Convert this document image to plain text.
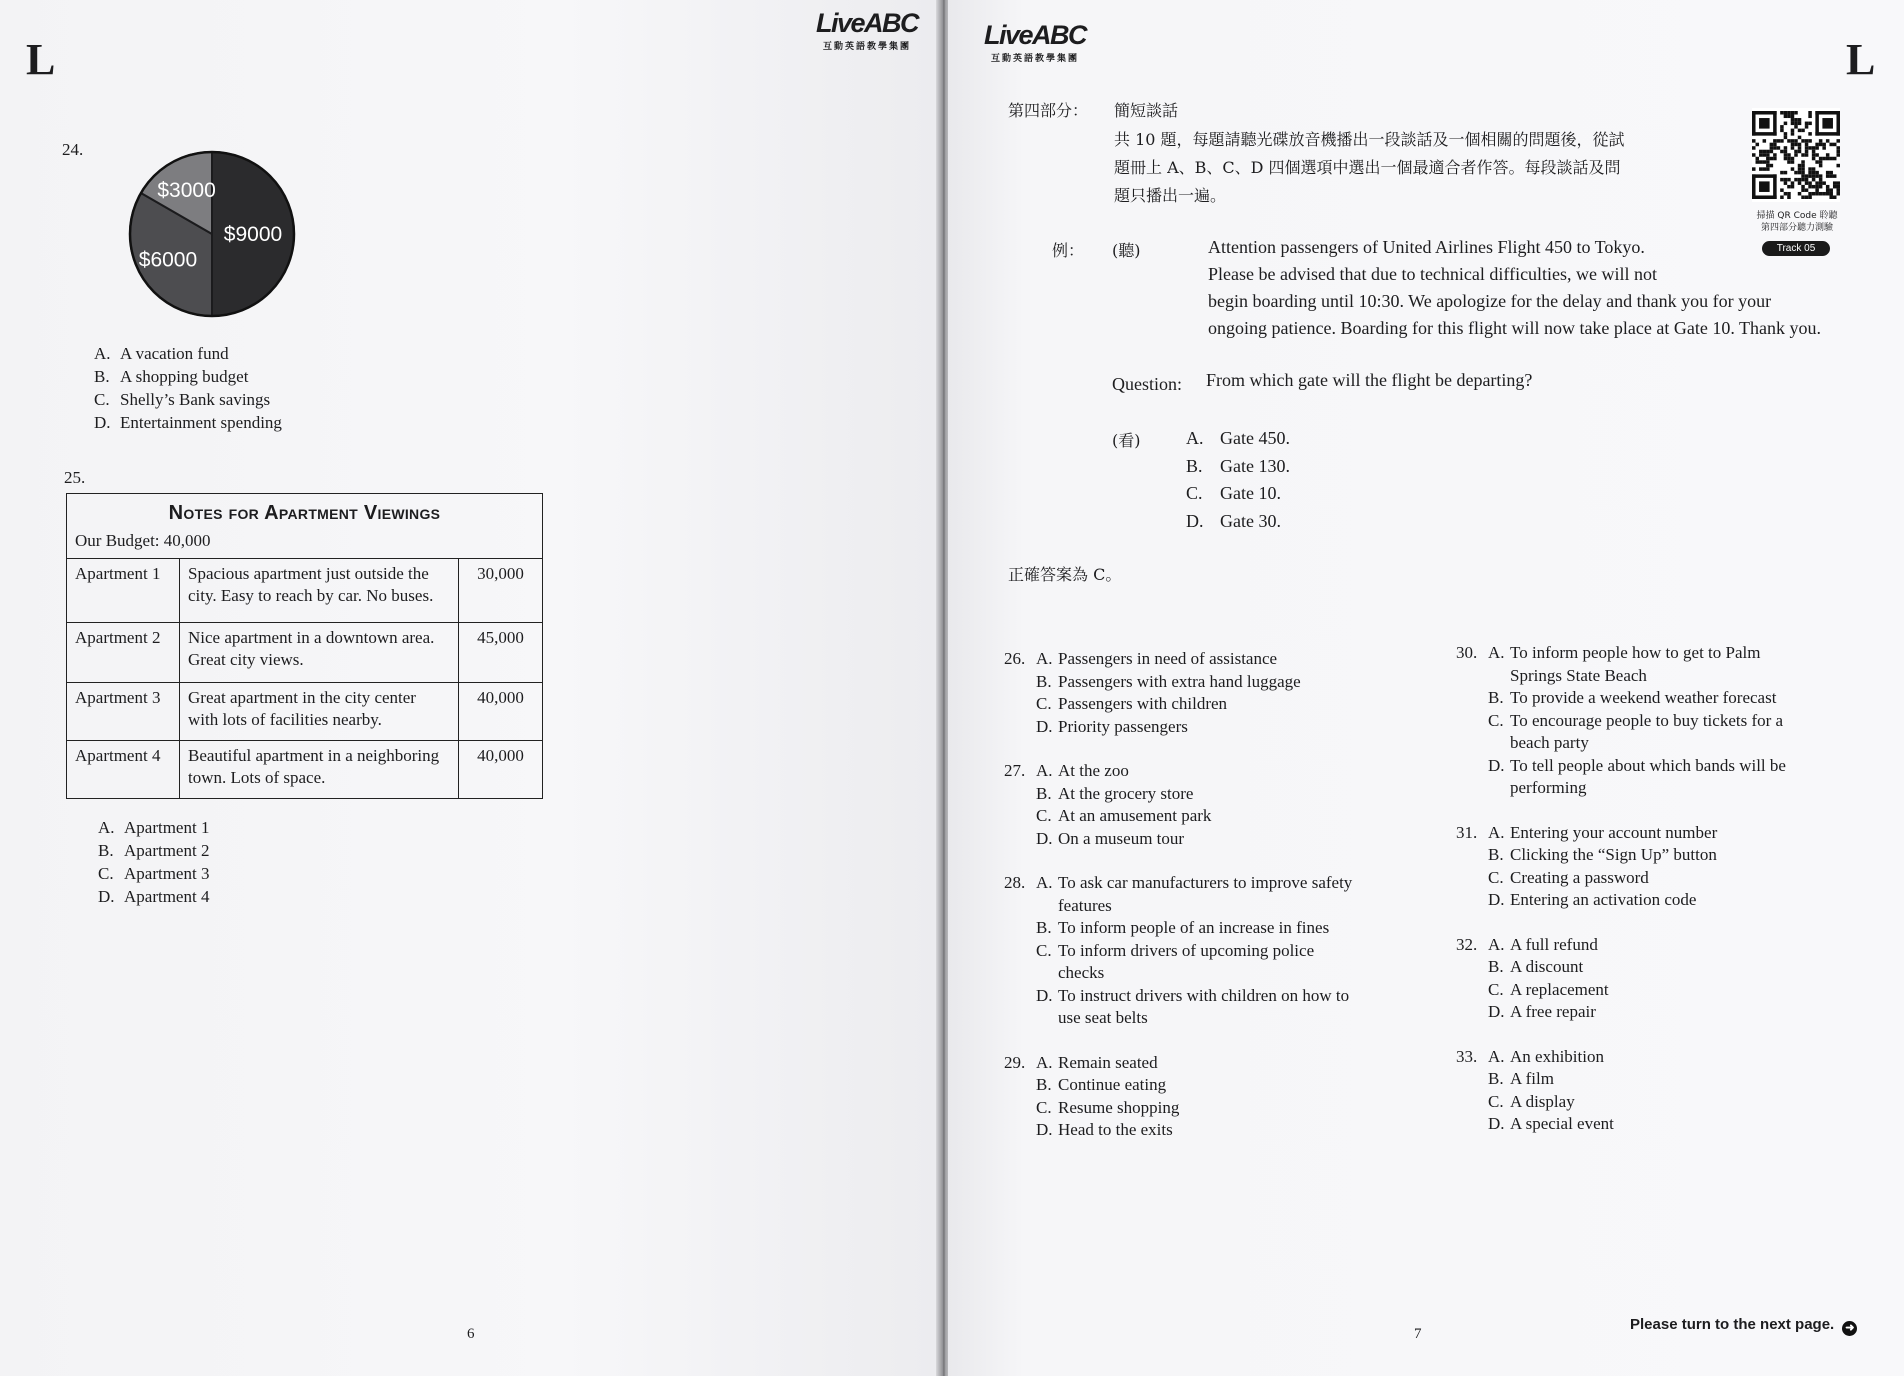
L
24.
$9000
$6000
$3000
A. A vacation fund
B. A shopping budget
C. Shelly’s Bank savings
D. Entertainment spending
25.
Notes for Apartment Viewings
Our Budget: 40,000		

Apartment 1	Spacious apartment just outside the city. Easy to reach by car. No buses.	30,000
Apartment 2	Nice apartment in a downtown area. Great city views.	45,000
Apartment 3	Great apartment in the city center with lots of facilities nearby.	40,000
Apartment 4	Beautiful apartment in a neighboring town. Lots of space.	40,000
A. Apartment 1
B. Apartment 2
C. Apartment 3
D. Apartment 4
LiveABC
互動英語教學集團
6
LiveABC
互動英語教學集團	L
第四部分： 簡短談話
共 10 題，每題請聽光碟放音機播出一段談話及一個相關的問題後，從試
題冊上 A、B、C、D 四個選項中選出一個最適合者作答。每段談話及問
題只播出一遍。
掃描 QR Code 聆聽
第四部分聽力測驗
Track 05
例： (聽)	Attention passengers of United Airlines Flight 450 to Tokyo.
Please be advised that due to technical difficulties, we will not
begin boarding until 10:30. We apologize for the delay and thank you for your
ongoing patience. Boarding for this flight will now take place at Gate 10. Thank you.
Question: From which gate will the flight be departing?
(看)	A. Gate 450.
B. Gate 130.
C. Gate 10.
D. Gate 30.
正確答案為 C。
26. A. Passengers in need of assistance
B. Passengers with extra hand luggage
C. Passengers with children
D. Priority passengers
27. A. At the zoo
B. At the grocery store
C. At an amusement park
D. On a museum tour
28. A. To ask car manufacturers to improve safety
features
B. To inform people of an increase in fines
C. To inform drivers of upcoming police
checks
D. To instruct drivers with children on how to
use seat belts
29. A. Remain seated
B. Continue eating
C. Resume shopping
D. Head to the exits
30. A. To inform people how to get to Palm
Springs State Beach
B. To provide a weekend weather forecast
C. To encourage people to buy tickets for a
beach party
D. To tell people about which bands will be
performing
31. A. Entering your account number
B. Clicking the “Sign Up” button
C. Creating a password
D. Entering an activation code
32. A. A full refund
B. A discount
C. A replacement
D. A free repair
33. A. An exhibition
B. A film
C. A display
D. A special event
7
Please turn to the next page. ➜
